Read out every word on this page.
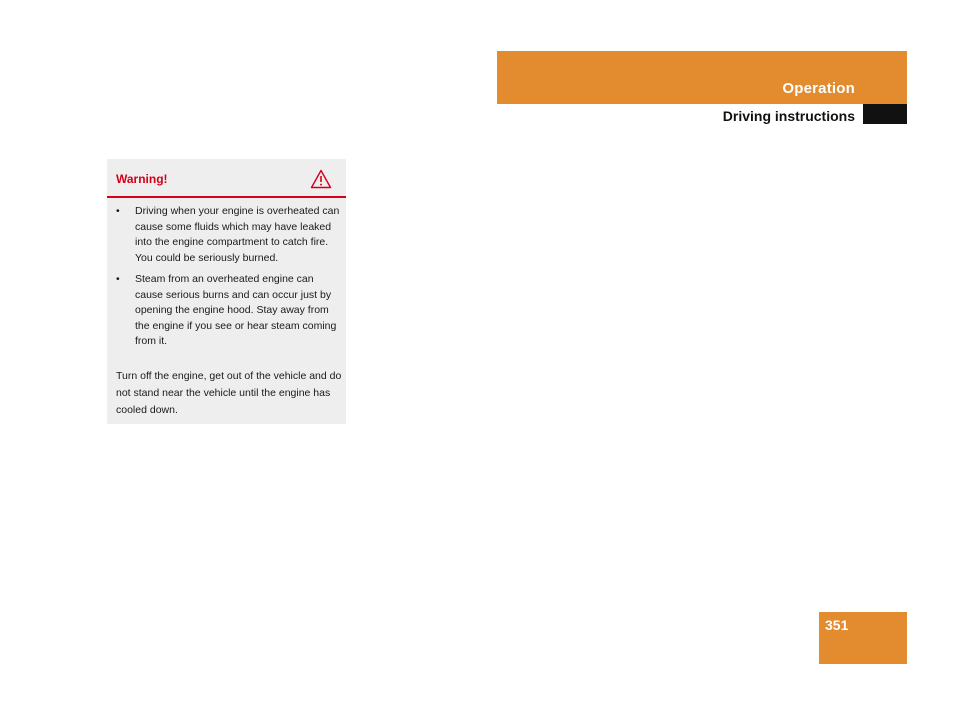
Operation
Driving instructions
Warning!
• Driving when your engine is overheated can cause some fluids which may have leaked into the engine compartment to catch fire. You could be seriously burned.
• Steam from an overheated engine can cause serious burns and can occur just by opening the engine hood. Stay away from the engine if you see or hear steam coming from it.
Turn off the engine, get out of the vehicle and do not stand near the vehicle until the engine has cooled down.
351
